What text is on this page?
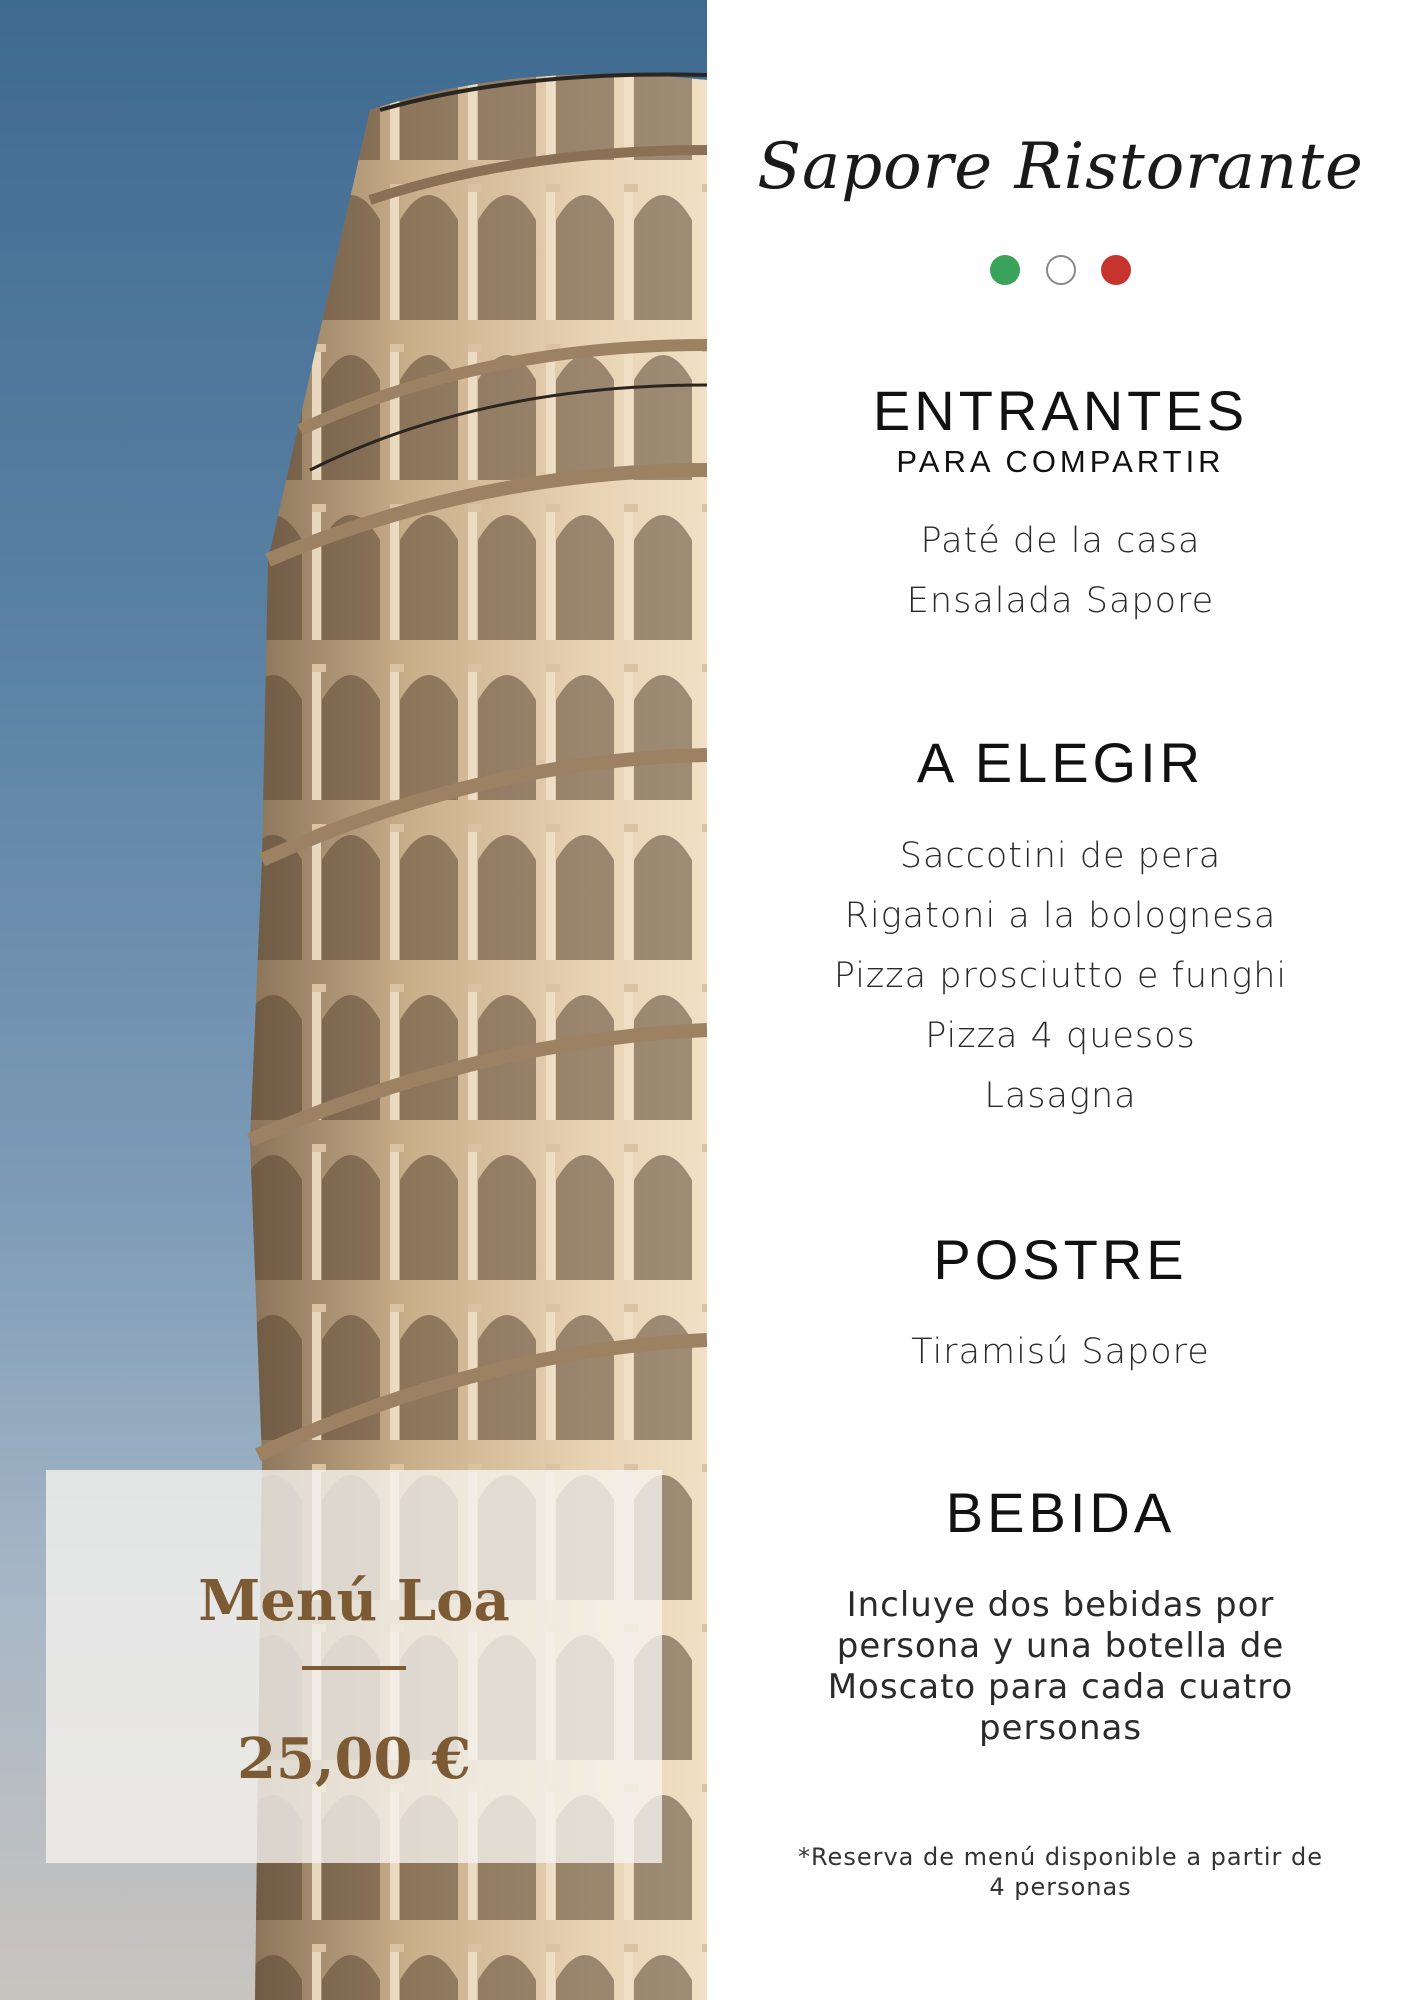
Menú Loa
25,00 €
Sapore Ristorante

ENTRANTES
PARA COMPARTIR
Paté de la casa
Ensalada Sapore
A ELEGIR
Saccotini de pera
Rigatoni a la bolognesa
Pizza prosciutto e funghi
Pizza 4 quesos
Lasagna
POSTRE
Tiramisú Sapore
BEBIDA
Incluye dos bebidas por persona y una botella de Moscato para cada cuatro personas
*Reserva de menú disponible a partir de 4 personas
